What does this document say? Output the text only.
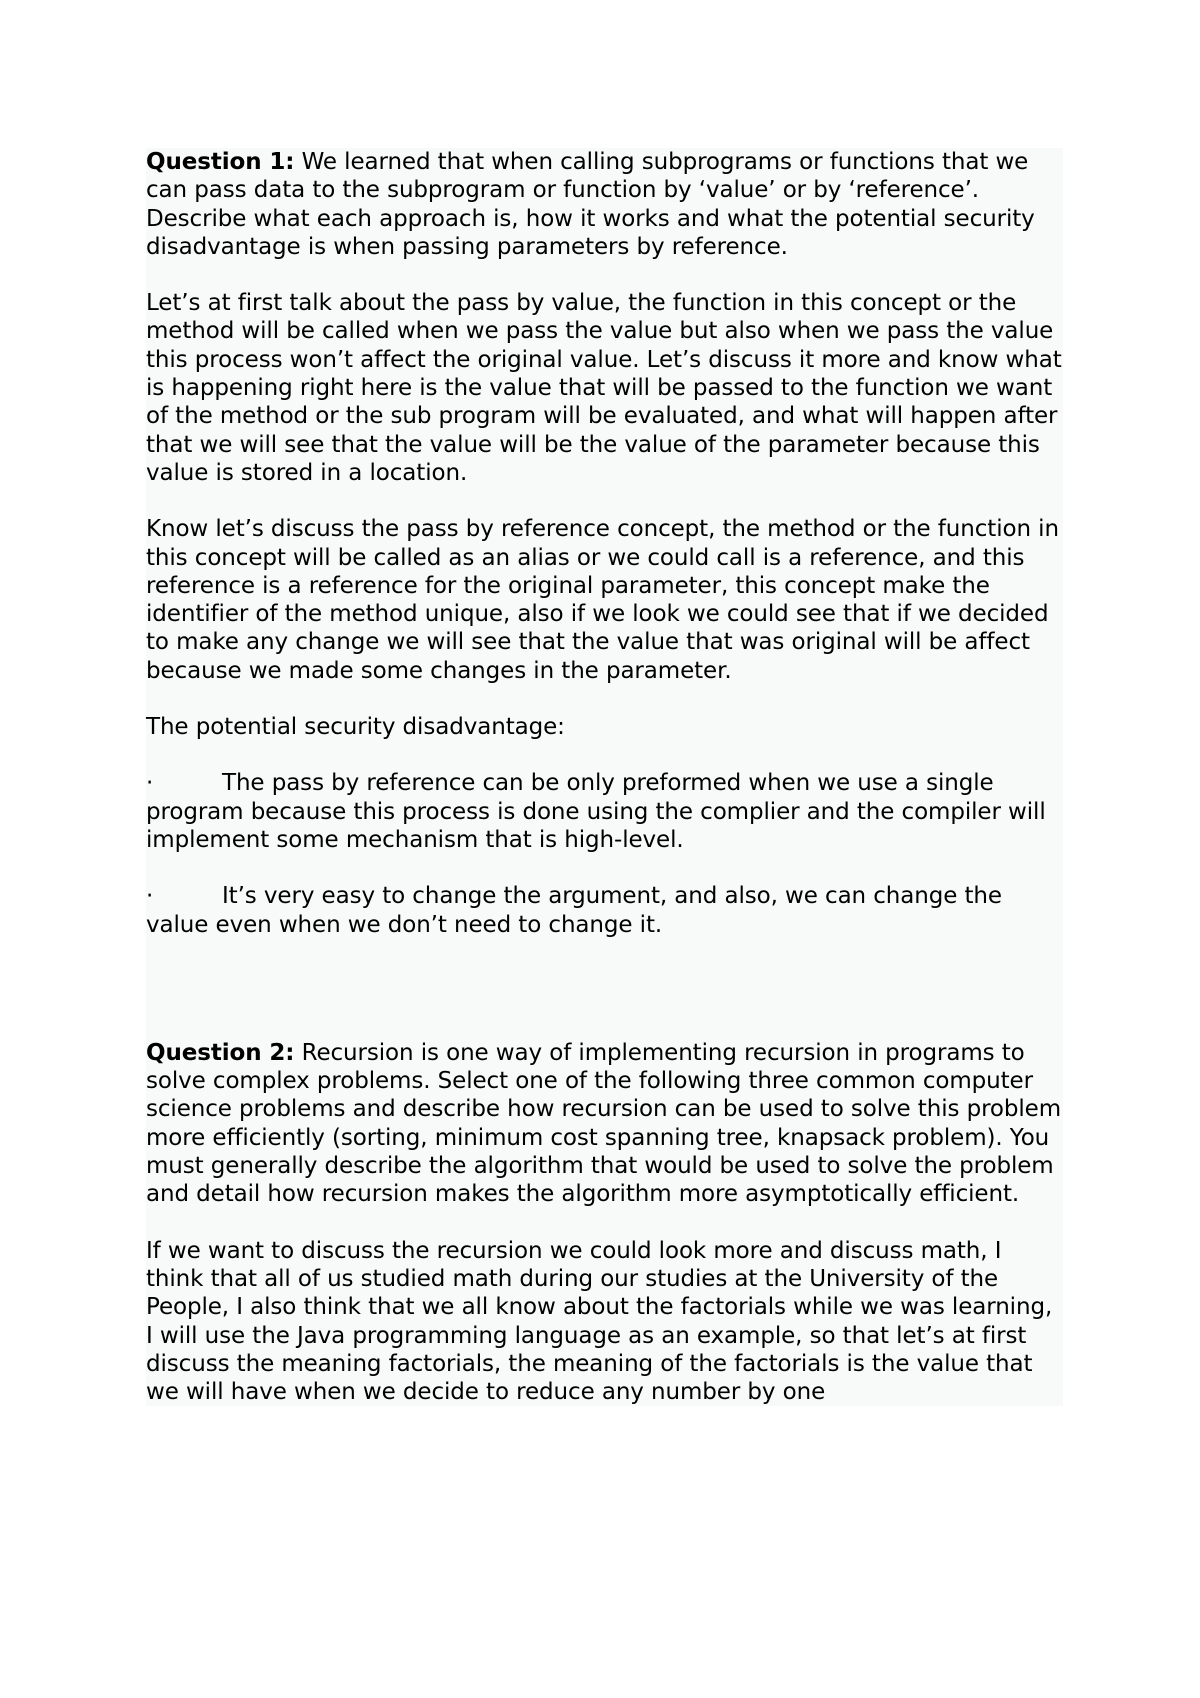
Question 1: We learned that when calling subprograms or functions that we can pass data to the subprogram or function by ‘value’ or by ‘reference’. Describe what each approach is, how it works and what the potential security disadvantage is when passing parameters by reference.

Let’s at first talk about the pass by value, the function in this concept or the method will be called when we pass the value but also when we pass the value this process won’t affect the original value. Let’s discuss it more and know what is happening right here is the value that will be passed to the function we want of the method or the sub program will be evaluated, and what will happen after that we will see that the value will be the value of the parameter because this value is stored in a location.

Know let’s discuss the pass by reference concept, the method or the function in this concept will be called as an alias or we could call is a reference, and this reference is a reference for the original parameter, this concept make the identifier of the method unique, also if we look we could see that if we decided to make any change we will see that the value that was original will be affect because we made some changes in the parameter.

The potential security disadvantage:

·	The pass by reference can be only preformed when we use a single program because this process is done using the complier and the compiler will implement some mechanism that is high-level.

·	It’s very easy to change the argument, and also, we can change the value even when we don’t need to change it.

Question 2: Recursion is one way of implementing recursion in programs to solve complex problems. Select one of the following three common computer science problems and describe how recursion can be used to solve this problem more efficiently (sorting, minimum cost spanning tree, knapsack problem). You must generally describe the algorithm that would be used to solve the problem and detail how recursion makes the algorithm more asymptotically efficient.

If we want to discuss the recursion we could look more and discuss math, I think that all of us studied math during our studies at the University of the People, I also think that we all know about the factorials while we was learning, I will use the Java programming language as an example, so that let’s at first discuss the meaning factorials, the meaning of the factorials is the value that we will have when we decide to reduce any number by one
